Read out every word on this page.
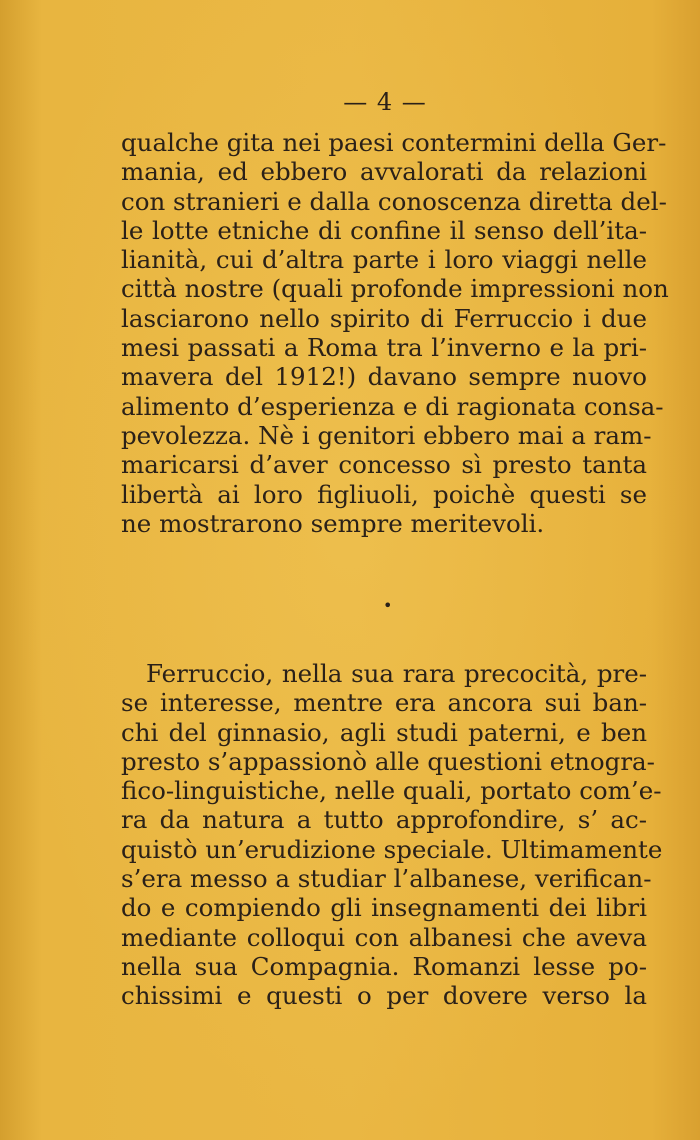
— 4 —
qualche gita nei paesi contermini della Ger-
mania, ed ebbero avvalorati da relazioni
con stranieri e dalla conoscenza diretta del-
le lotte etniche di confine il senso dell’ita-
lianità, cui d’altra parte i loro viaggi nelle
città nostre (quali profonde impressioni non
lasciarono nello spirito di Ferruccio i due
mesi passati a Roma tra l’inverno e la pri-
mavera del 1912!) davano sempre nuovo
alimento d’esperienza e di ragionata consa-
pevolezza. Nè i genitori ebbero mai a ram-
maricarsi d’aver concesso sì presto tanta
libertà ai loro figliuoli, poichè questi se
ne mostrarono sempre meritevoli.
•
Ferruccio, nella sua rara precocità, pre-
se interesse, mentre era ancora sui ban-
chi del ginnasio, agli studi paterni, e ben
presto s’appassionò alle questioni etnogra-
fico-linguistiche, nelle quali, portato com’e-
ra da natura a tutto approfondire, s’ ac-
quistò un’erudizione speciale. Ultimamente
s’era messo a studiar l’albanese, verifican-
do e compiendo gli insegnamenti dei libri
mediante colloqui con albanesi che aveva
nella sua Compagnia. Romanzi lesse po-
chissimi e questi o per dovere verso la
